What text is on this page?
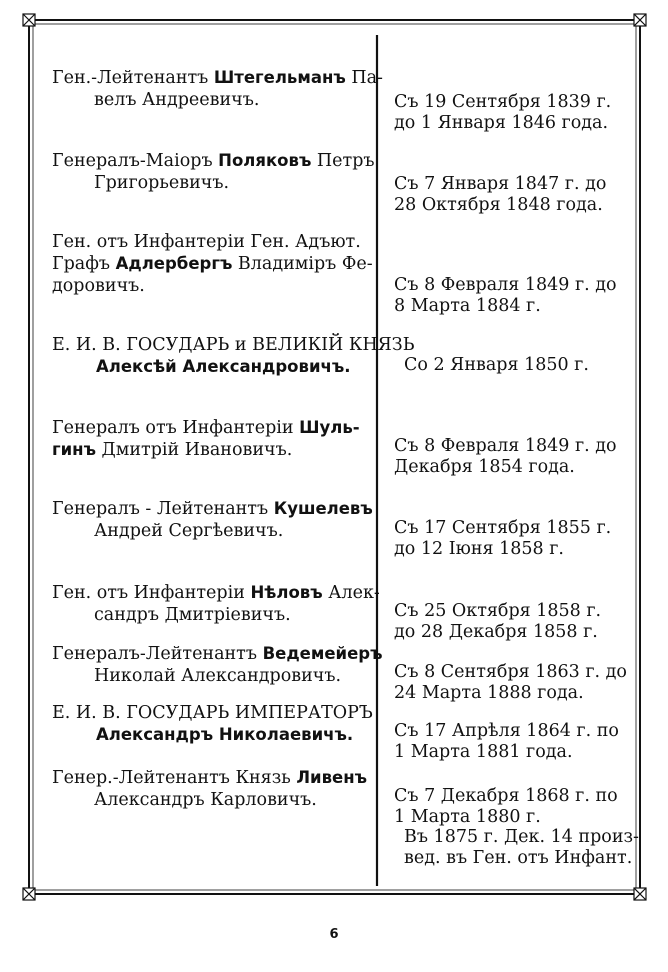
Ген.-Лейтенантъ Штегельманъ Па-
велъ Андреевичъ.	Съ 19 Сентября 1839 г.
до 1 Января 1846 года.
Генералъ-Маіоръ Поляковъ Петръ
Григорьевичъ.	Съ 7 Января 1847 г. до
28 Октября 1848 года.
Ген. отъ Инфантеріи Ген. Адъют.
Графъ Адлербергъ Владиміръ Фе-
доровичъ.	Съ 8 Февраля 1849 г. до
8 Марта 1884 г.
Е. И. В. ГОСУДАРЬ и ВЕЛИКІЙ КНЯЗЬ
Алексѣй Александровичъ.	Со 2 Января 1850 г.
Генералъ отъ Инфантеріи Шуль-
гинъ Дмитрій Ивановичъ.	Съ 8 Февраля 1849 г. до
Декабря 1854 года.
Генералъ - Лейтенантъ Кушелевъ
Андрей Сергѣевичъ.	Съ 17 Сентября 1855 г.
до 12 Іюня 1858 г.
Ген. отъ Инфантеріи Нѣловъ Алек-
сандръ Дмитріевичъ.	Съ 25 Октября 1858 г.
до 28 Декабря 1858 г.
Генералъ-Лейтенантъ Ведемейеръ
Николай Александровичъ.	Съ 8 Сентября 1863 г. до
24 Марта 1888 года.
Е. И. В. ГОСУДАРЬ ИМПЕРАТОРЪ
Александръ Николаевичъ.	Съ 17 Апрѣля 1864 г. по
1 Марта 1881 года.
Генер.-Лейтенантъ Князь Ливенъ
Александръ Карловичъ.	Съ 7 Декабря 1868 г. по
1 Марта 1880 г.
Въ 1875 г. Дек. 14 произ-
вед. въ Ген. отъ Инфант.
6
